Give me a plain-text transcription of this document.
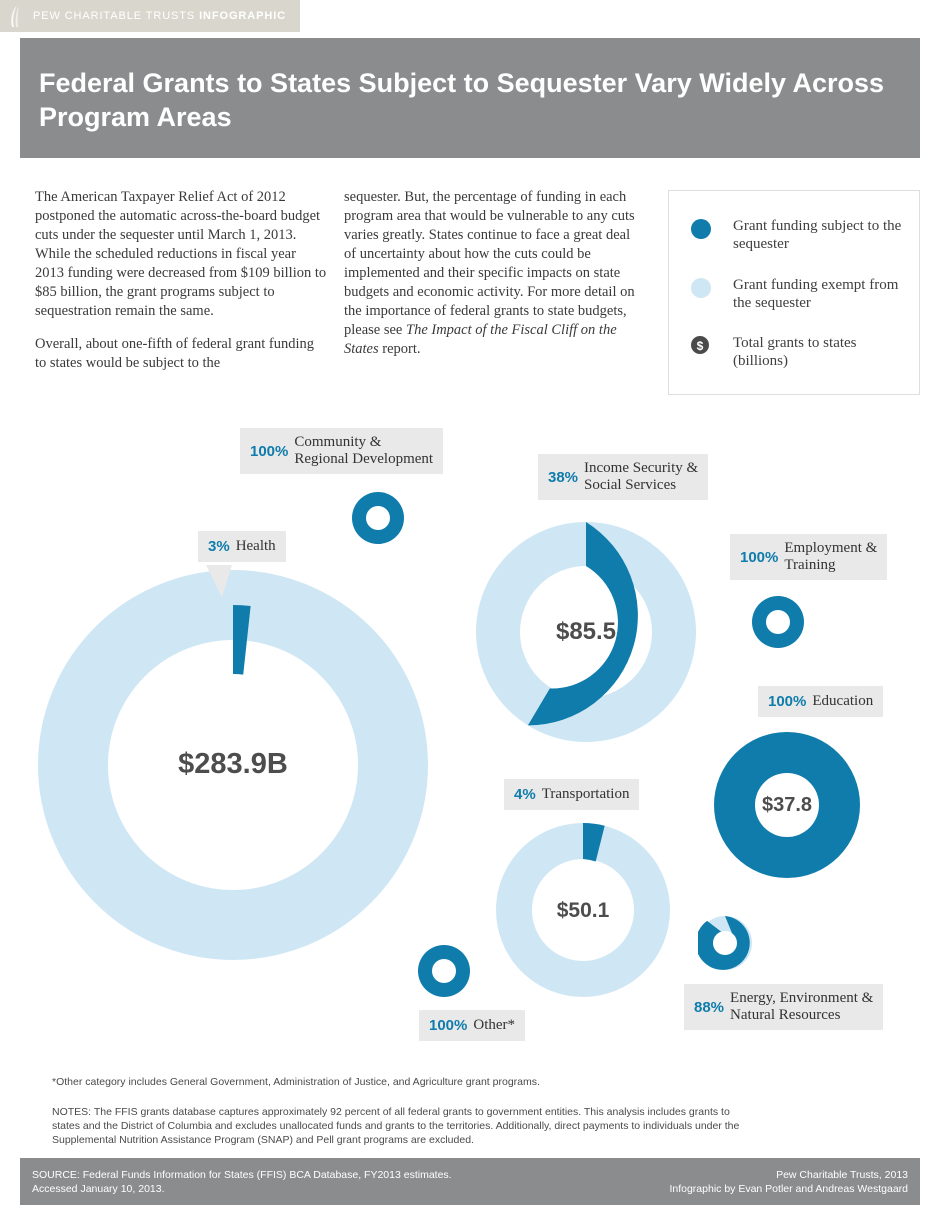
PEW CHARITABLE TRUSTS INFOGRAPHIC
Federal Grants to States Subject to Sequester Vary Widely Across Program Areas

The American Taxpayer Relief Act of 2012 postponed the automatic across-the-board budget cuts under the sequester until March 1, 2013. While the scheduled reductions in fiscal year 2013 funding were decreased from $109 billion to $85 billion, the grant programs subject to sequestration remain the same.

Overall, about one-fifth of federal grant funding to states would be subject to the

sequester. But, the percentage of funding in each program area that would be vulnerable to any cuts varies greatly. States continue to face a great deal of uncertainty about how the cuts could be implemented and their specific impacts on state budgets and economic activity. For more detail on the importance of federal grants to state budgets, please see The Impact of the Fiscal Cliff on the States report.

Grant funding subject to the sequester
Grant funding exempt from the sequester
$	Total grants to states (billions)
$283.9B
3% Health
3.5
100%
Community &
Regional Development
$85.5
38%
Income Security &
Social Services
3.6
100%
Employment &
Training
$37.8
100% Education
$50.1
4% Transportation
4.9
88%
Energy, Environment &
Natural Resources
4.4
100% Other*
*Other category includes General Government, Administration of Justice, and Agriculture grant programs.
NOTES: The FFIS grants database captures approximately 92 percent of all federal grants to government entities. This analysis includes grants to states and the District of Columbia and excludes unallocated funds and grants to the territories. Additionally, direct payments to individuals under the Supplemental Nutrition Assistance Program (SNAP) and Pell grant programs are excluded.
SOURCE: Federal Funds Information for States (FFIS) BCA Database, FY2013 estimates.
Accessed January 10, 2013.
Pew Charitable Trusts, 2013
Infographic by Evan Potler and Andreas Westgaard
